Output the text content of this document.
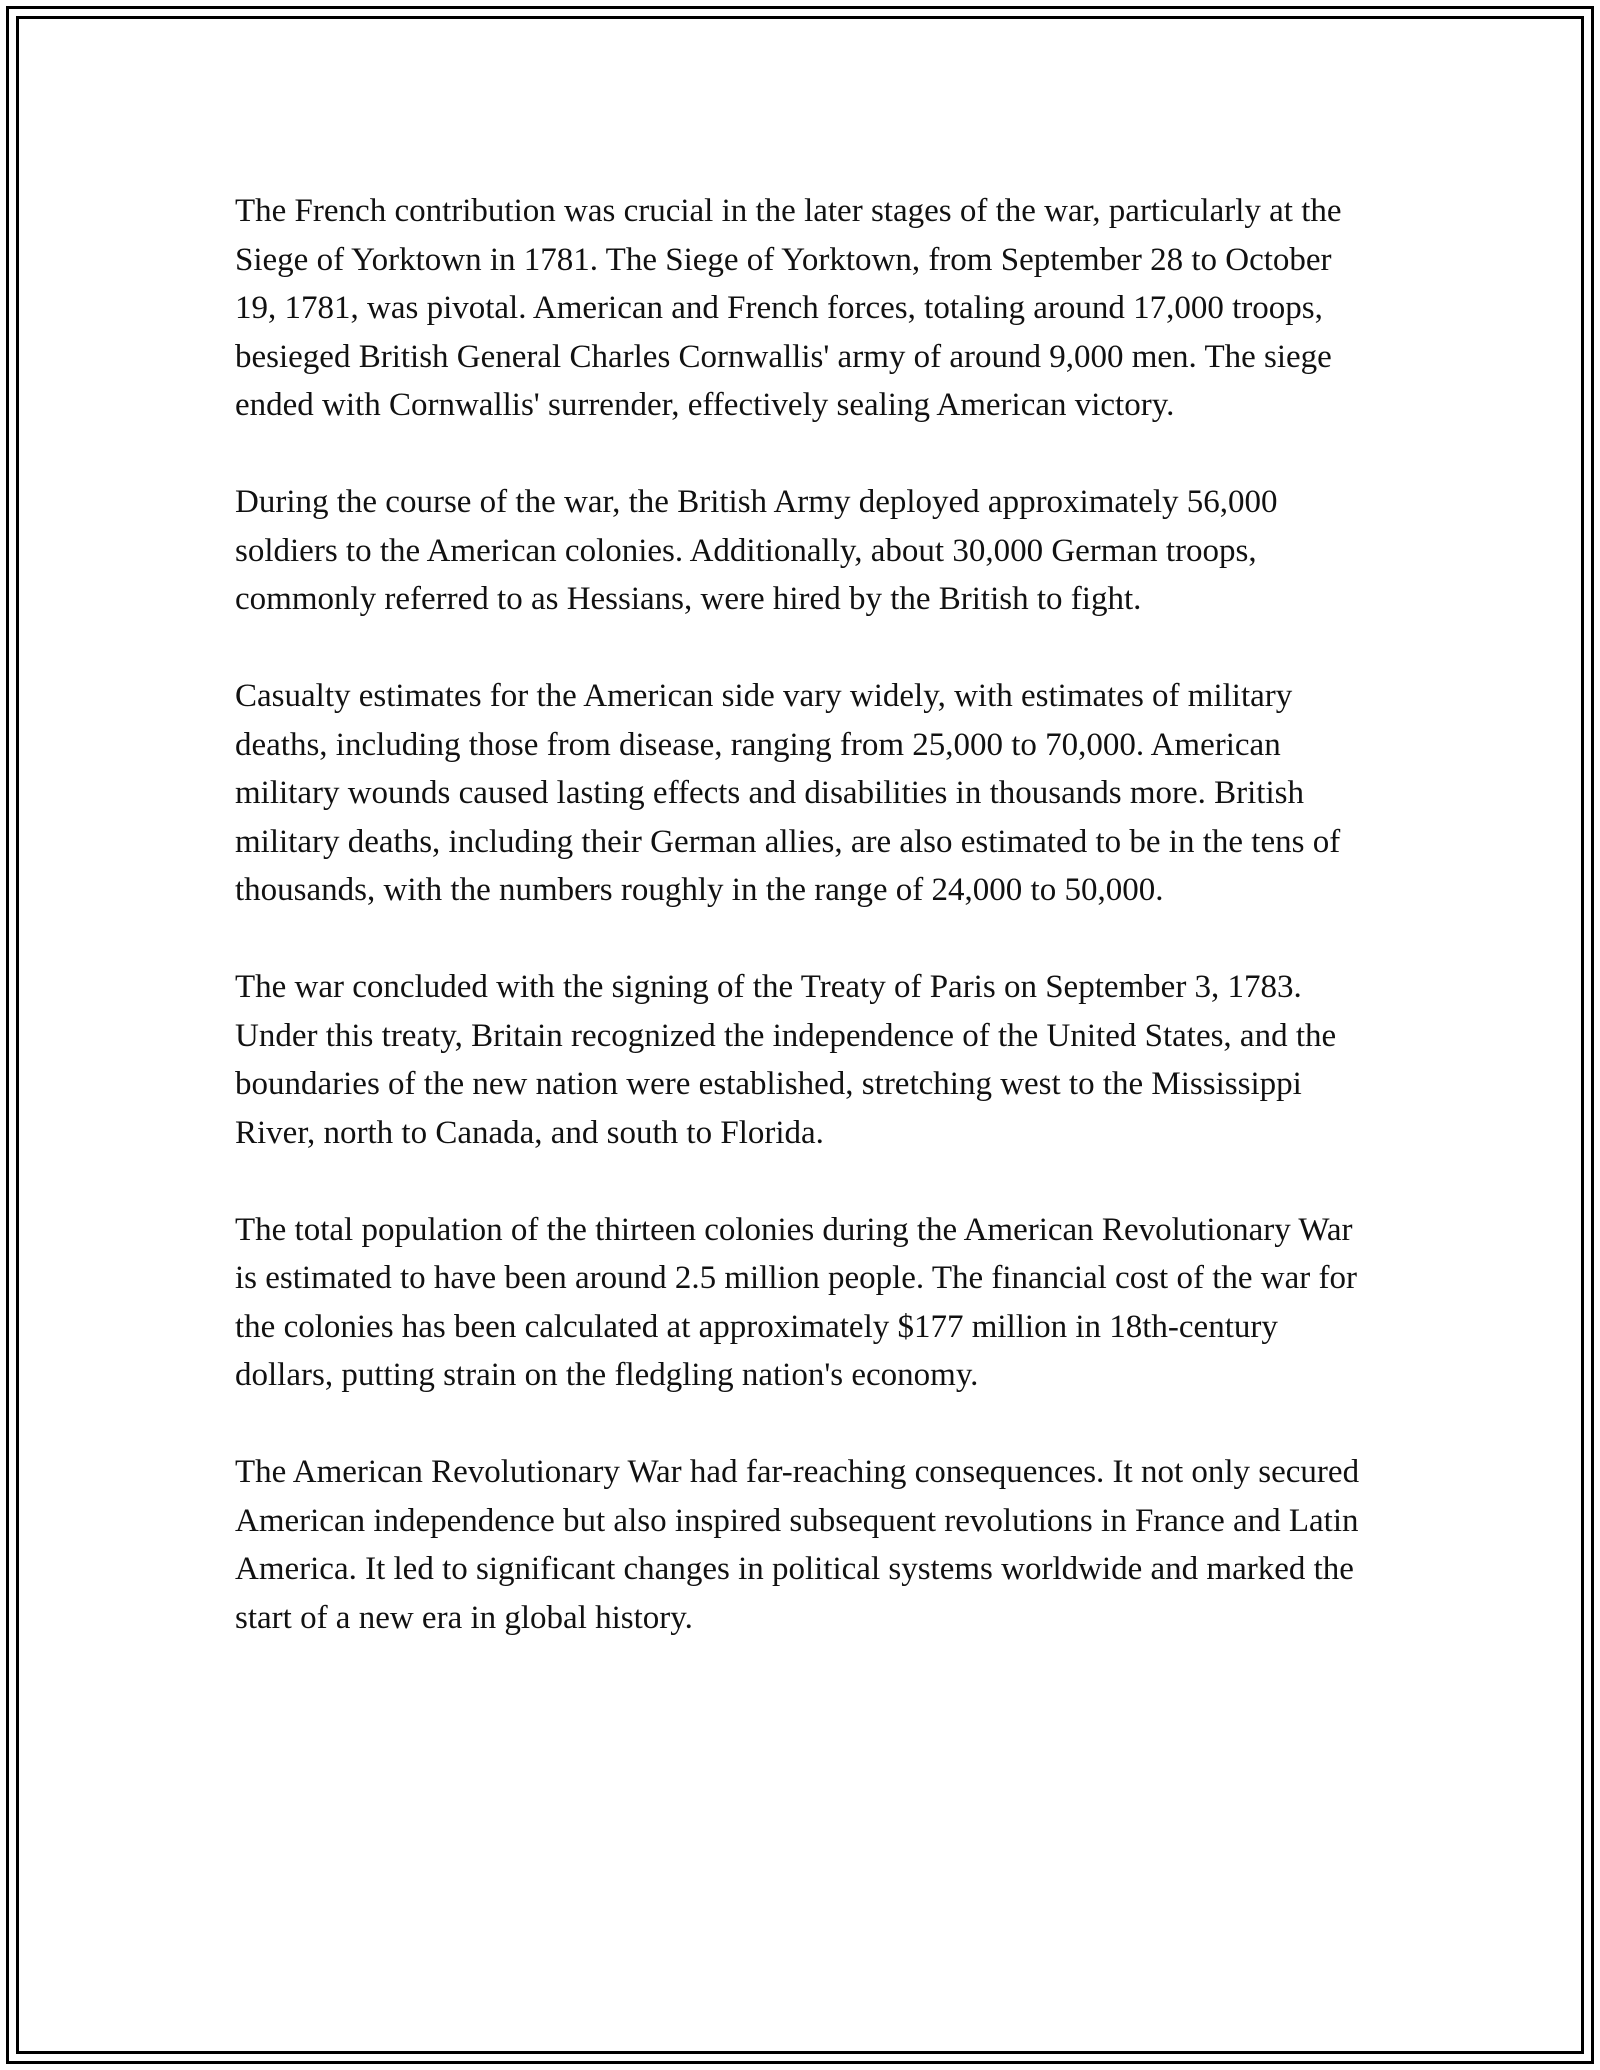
The French contribution was crucial in the later stages of the war, particularly at the Siege of Yorktown in 1781. The Siege of Yorktown, from September 28 to October 19, 1781, was pivotal. American and French forces, totaling around 17,000 troops, besieged British General Charles Cornwallis' army of around 9,000 men. The siege ended with Cornwallis' surrender, effectively sealing American victory.

During the course of the war, the British Army deployed approximately 56,000 soldiers to the American colonies. Additionally, about 30,000 German troops, commonly referred to as Hessians, were hired by the British to fight.

Casualty estimates for the American side vary widely, with estimates of military deaths, including those from disease, ranging from 25,000 to 70,000. American military wounds caused lasting effects and disabilities in thousands more. British military deaths, including their German allies, are also estimated to be in the tens of thousands, with the numbers roughly in the range of 24,000 to 50,000.

The war concluded with the signing of the Treaty of Paris on September 3, 1783. Under this treaty, Britain recognized the independence of the United States, and the boundaries of the new nation were established, stretching west to the Mississippi River, north to Canada, and south to Florida.

The total population of the thirteen colonies during the American Revolutionary War is estimated to have been around 2.5 million people. The financial cost of the war for the colonies has been calculated at approximately $177 million in 18th-century dollars, putting strain on the fledgling nation's economy.

The American Revolutionary War had far-reaching consequences. It not only secured American independence but also inspired subsequent revolutions in France and Latin America. It led to significant changes in political systems worldwide and marked the start of a new era in global history.
